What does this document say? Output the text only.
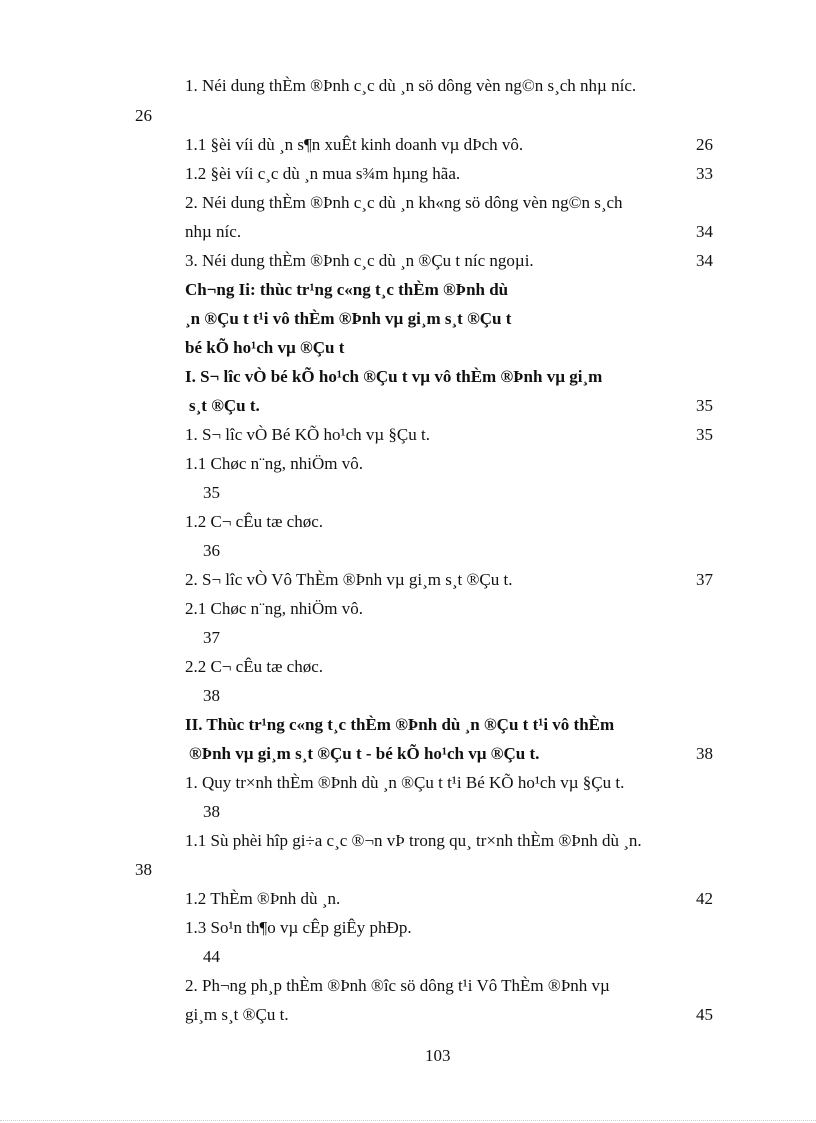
1. Néi dung thÈm ®Þnh c¸c dù ¸n sö dông vèn ng©n s¸ch nhµ níc.
26
1.1 §èi víi dù ¸n s¶n xuÊt kinh doanh vµ dÞch vô.	26
1.2 §èi víi c¸c dù ¸n mua s¾m hµng hãa.	33
2. Néi dung thÈm ®Þnh c¸c dù ¸n kh«ng sö dông vèn ng©n s¸ch
nhµ níc.	34
3. Néi dung thÈm ®Þnh c¸c dù ¸n ®Çu t níc ngoµi.	34
Ch¬ng Ii: thùc tr¹ng c«ng t¸c thÈm ®Þnh dù
¸n ®Çu t t¹i vô thÈm ®Þnh vµ gi¸m s¸t ®Çu t
bé kÕ ho¹ch vµ ®Çu t
I. S¬ lîc vÒ bé kÕ ho¹ch ®Çu t vµ vô thÈm ®Þnh vµ gi¸m
s¸t ®Çu t.	35
1. S¬ lîc vÒ Bé KÕ ho¹ch vµ §Çu t.	35
1.1 Chøc n¨ng, nhiÖm vô.
35
1.2 C¬ cÊu tæ chøc.
36
2. S¬ lîc vÒ Vô ThÈm ®Þnh vµ gi¸m s¸t ®Çu t.	37
2.1 Chøc n¨ng, nhiÖm vô.
37
2.2 C¬ cÊu tæ chøc.
38
II. Thùc tr¹ng c«ng t¸c thÈm ®Þnh dù ¸n ®Çu t t¹i vô thÈm
®Þnh vµ gi¸m s¸t ®Çu t - bé kÕ ho¹ch vµ ®Çu t.	38
1. Quy tr×nh thÈm ®Þnh dù ¸n ®Çu t t¹i Bé KÕ ho¹ch vµ §Çu t.
38
1.1 Sù phèi hîp gi÷a c¸c ®¬n vÞ trong qu¸ tr×nh thÈm ®Þnh dù ¸n.
38
1.2 ThÈm ®Þnh dù ¸n.	42
1.3 So¹n th¶o vµ cÊp giÊy phÐp.
44
2. Ph¬ng ph¸p thÈm ®Þnh ®îc sö dông t¹i Vô ThÈm ®Þnh vµ
gi¸m s¸t ®Çu t.	45
103
